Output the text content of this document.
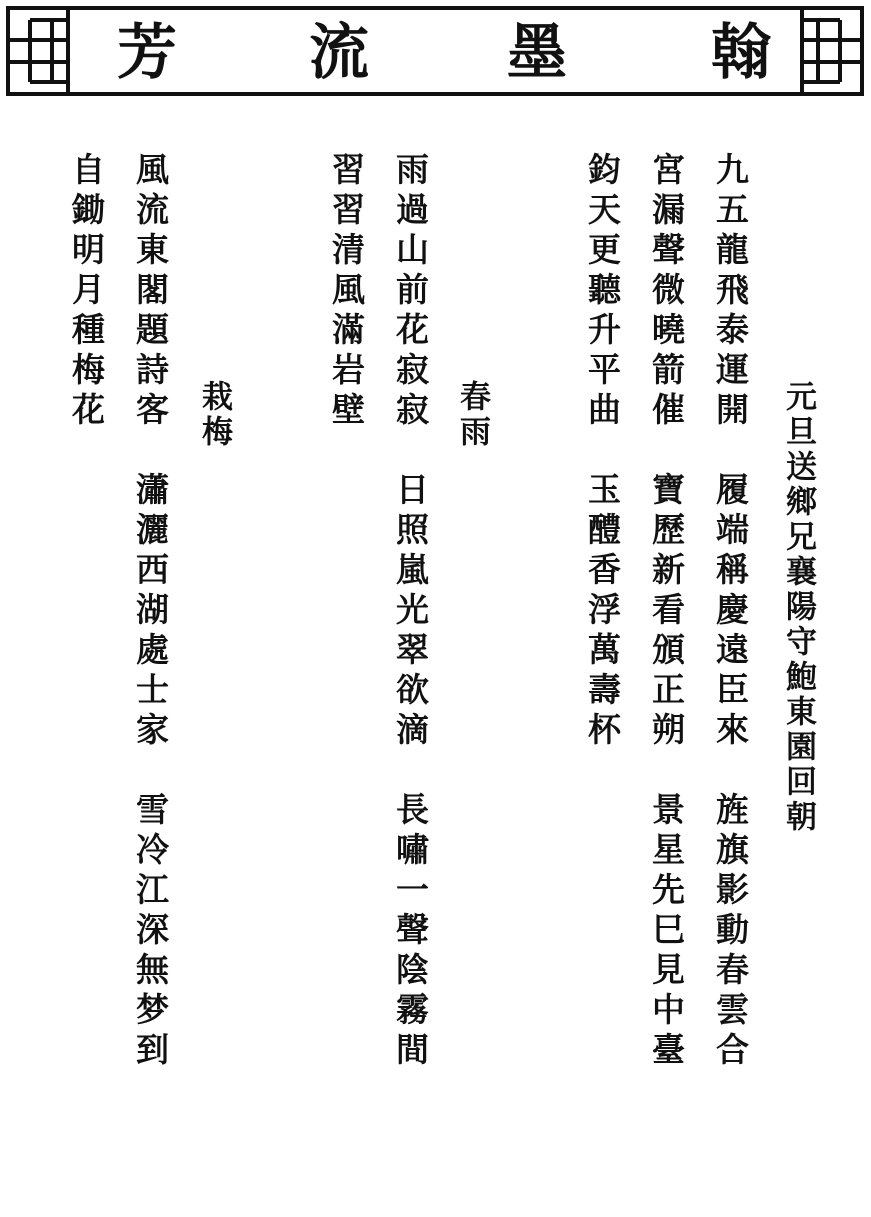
芳 流 墨 翰
元旦送鄉兄襄陽守鮑東園回朝
九五龍飛泰運開　履端稱慶遠臣來　旌旗影動春雲合
宮漏聲微曉箭催　寶歷新看頒正朔　景星先巳見中臺
鈞天更聽升平曲　玉醴香浮萬壽杯
春雨
雨過山前花寂寂　日照嵐光翠欲滴　長嘯一聲陰霧間
習習清風滿岩壁
栽梅
風流東閣題詩客　瀟灑西湖處士家　雪冷江深無梦到
自鋤明月種梅花
